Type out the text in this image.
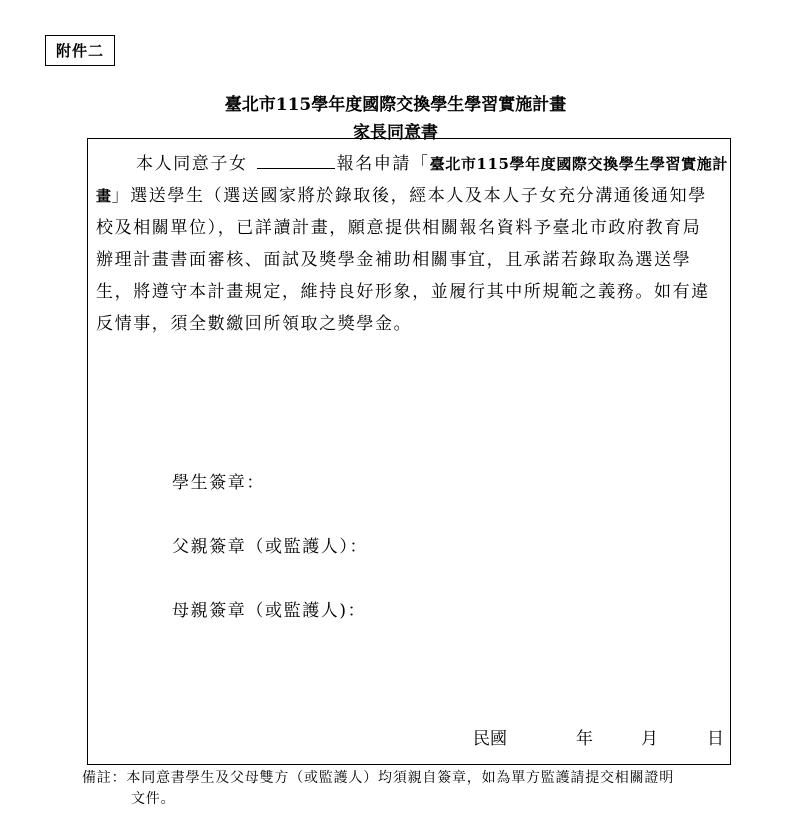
附件二
臺北市115學年度國際交換學生學習實施計畫
家長同意書
本人同意子女	報名申請「臺北市115學年度國際交換學生學習實施計
畫」選送學生（選送國家將於錄取後，經本人及本人子女充分溝通後通知學
校及相關單位），已詳讀計畫，願意提供相關報名資料予臺北市政府教育局
辦理計畫書面審核、面試及獎學金補助相關事宜，且承諾若錄取為選送學
生，將遵守本計畫規定，維持良好形象，並履行其中所規範之義務。如有違
反情事，須全數繳回所領取之獎學金。
學生簽章：
父親簽章（或監護人）：
母親簽章（或監護人)：
民國	年	月	日
備註：本同意書學生及父母雙方（或監護人）均須親自簽章，如為單方監護請提交相關證明
文件。
